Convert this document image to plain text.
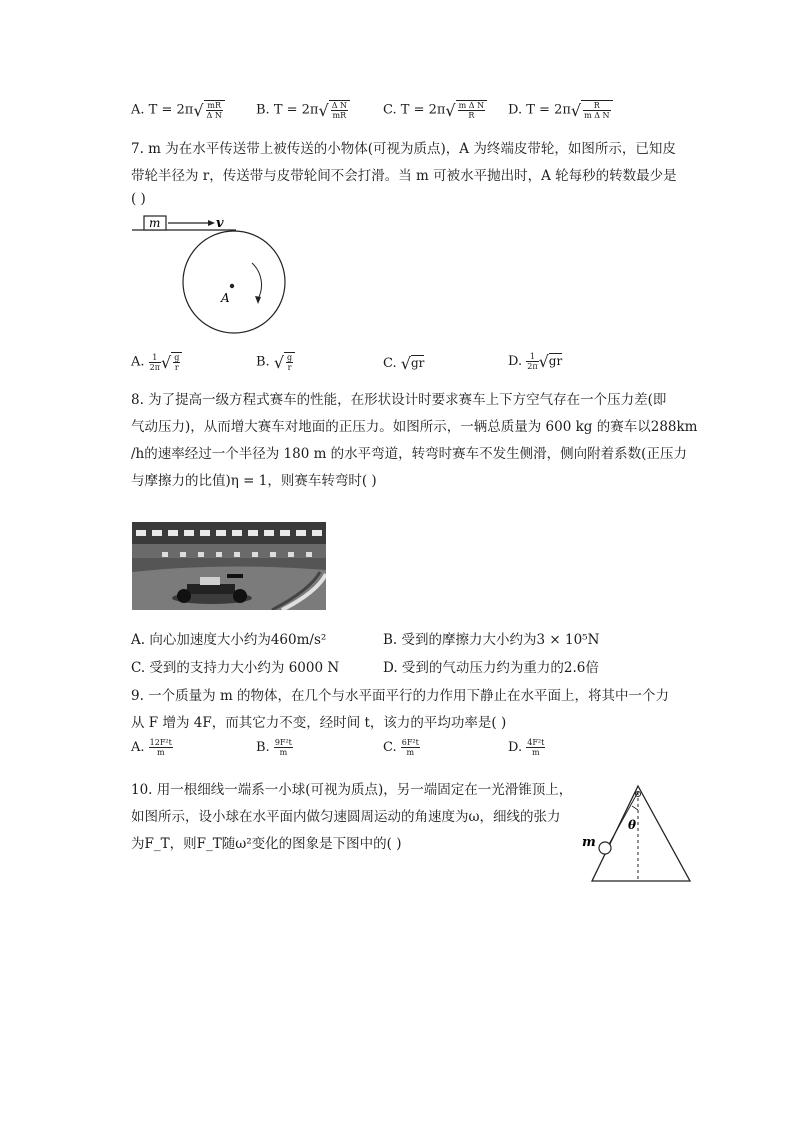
A. $T = 2\pi√ \frac{mR}{\text{Δ N}}$	B. $T = 2\pi√ \frac{\text{Δ N}}{mR}$	C. $T = 2\pi√ \frac{\text{m Δ N}}{R} D$. $T = 2\pi√ \frac{R}{\text{m Δ N}}$
7. m 为在水平传送带上被传送的小物体(可视为质点)，A 为终端皮带轮，如图所示，已知皮
带轮半径为 r，传送带与皮带轮间不会打滑。当 m 可被水平抛出时，A 轮每秒的转数最少是
( )
m	v
A
A. $\frac{1}{2\pi}$ √ $\frac{g}{r}$	B. √ $\frac{g}{r}$	C. √gr	D. $\frac{1}{2\pi} √gr$
8. 为了提高一级方程式赛车的性能，在形状设计时要求赛车上下方空气存在一个压力差(即
气动压力)，从而增大赛车对地面的正压力。如图所示，一辆总质量为 600 kg 的赛车以288km
/h的速率经过一个半径为 180 m 的水平弯道，转弯时赛车不发生侧滑，侧向附着系数(正压力
与摩擦力的比值)η = 1，则赛车转弯时( )
A. 向心加速度大小约为460m/s²	B. 受到的摩擦力大小约为3 × 10⁵N
C. 受到的支持力大小约为 6000 N	D. 受到的气动压力约为重力的2.6倍
9. 一个质量为 m 的物体，在几个与水平面平行的力作用下静止在水平面上，将其中一个力
从 F 增为 4F，而其它力不变，经时间 t，该力的平均功率是( )
A. $\frac{\text{12F²t}}{m}$	B. $\frac{\text{9F²t}}{m}$	C. $\frac{\text{6F²t}}{m}$	D. $\frac{\text{4F²t}}{m}$
10. 用一根细线一端系一小球(可视为质点)，另一端固定在一光滑锥顶上，
如图所示，设小球在水平面内做匀速圆周运动的角速度为ω，细线的张力
为F_T，则F_T随ω²变化的图象是下图中的( )	m
θ
